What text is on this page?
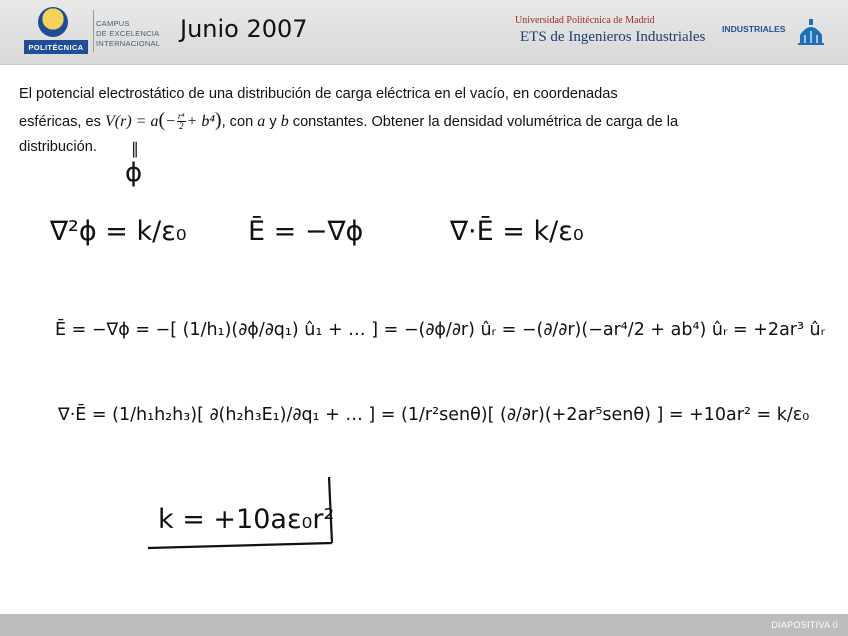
POLITÉCNICA
CAMPUS
DE EXCELENCIA
INTERNACIONAL
Junio 2007	Universidad Politécnica de Madrid
ETS de Ingenieros Industriales INDUSTRIALES
El potencial electrostático de una distribución de carga eléctrica en el vacío, en coordenadas
esféricas, es $V(r) = a(- \frac{\text{r⁴}}{2} + b^4)$, con a y b constantes. Obtener la densidad volumétrica de carga de la
distribución.	∥
ϕ
∇²ϕ = k/ε₀ Ē = −∇ϕ	∇·Ē = k/ε₀
Ē = −∇ϕ = −[ (1/h₁)(∂ϕ/∂q₁) û₁ + … ] = −(∂ϕ/∂r) ûᵣ = −(∂/∂r)(−ar⁴/2 + ab⁴) ûᵣ = +2ar³ ûᵣ
∇·Ē = (1/h₁h₂h₃)[ ∂(h₂h₃E₁)/∂q₁ + … ] = (1/r²senθ)[ (∂/∂r)(+2ar⁵senθ) ] = +10ar² = k/ε₀
k = +10aε₀r²
DIAPOSITIVA 0
